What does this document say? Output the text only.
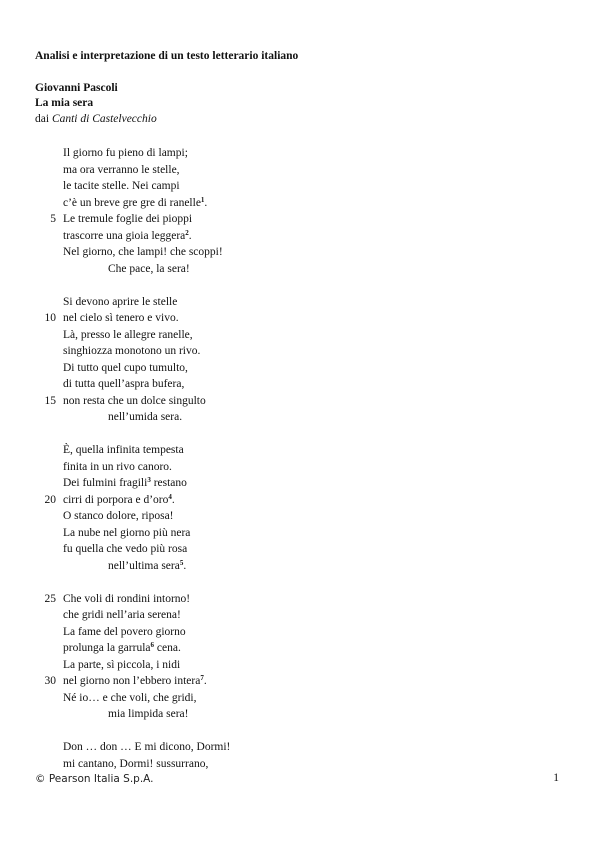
Analisi e interpretazione di un testo letterario italiano
Giovanni Pascoli
La mia sera
dai Canti di Castelvecchio
Il giorno fu pieno di lampi;
ma ora verranno le stelle,
le tacite stelle. Nei campi
c’è un breve gre gre di ranelle$^1$.
5 Le tremule foglie dei pioppi
trascorre una gioia leggera$^2$.
Nel giorno, che lampi! che scoppi!
Che pace, la sera!
Si devono aprire le stelle
10 nel cielo sì tenero e vivo.
Là, presso le allegre ranelle,
singhiozza monotono un rivo.
Di tutto quel cupo tumulto,
di tutta quell’aspra bufera,
15 non resta che un dolce singulto
nell’umida sera.
È, quella infinita tempesta
finita in un rivo canoro.
Dei fulmini fragili$^3$ restano
20 cirri di porpora e d’oro$^4$.
O stanco dolore, riposa!
La nube nel giorno più nera
fu quella che vedo più rosa
nell’ultima sera$^5$.
25 Che voli di rondini intorno!
che gridi nell’aria serena!
La fame del povero giorno
prolunga la garrula$^6$ cena.
La parte, sì piccola, i nidi
30 nel giorno non l’ebbero intera$^7$.
Né io… e che voli, che gridi,
mia limpida sera!
Don … don … E mi dicono, Dormi!
mi cantano, Dormi! sussurrano,
© Pearson Italia S.p.A.	1
